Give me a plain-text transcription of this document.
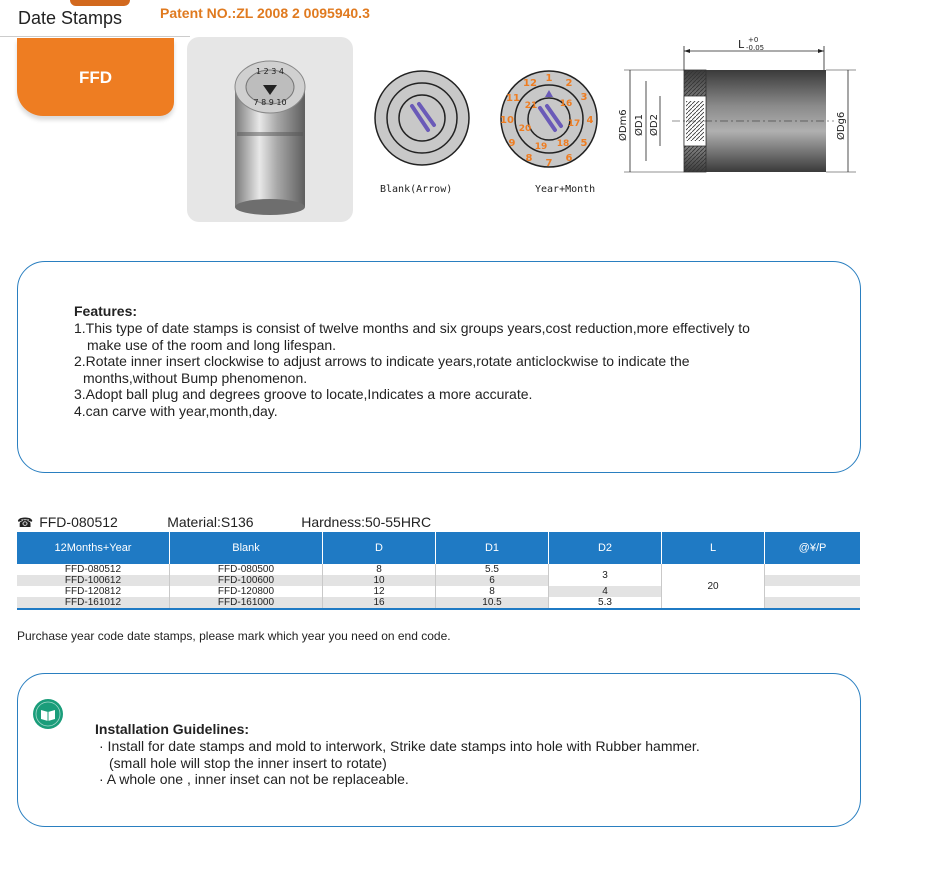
Date Stamps	Patent NO.:ZL 2008 2 0095940.3
FFD	1 2 3 4
7 8 9 10
Blank(Arrow)
1 2
3
4
5
6
7
8
9
10
11
12
16
17
18
19
20
21
Year+Month
L +0
-0.05
ØDm6 ØD1 ØD2	ØDg6
Features:
1.This type of date stamps is consist of twelve months and six groups years,cost reduction,more effectively to
make use of the room and long lifespan.
2.Rotate inner insert clockwise to adjust arrows to indicate years,rotate anticlockwise to indicate the
months,without Bump phenomenon.
3.Adopt ball plug and degrees groove to locate,Indicates a more accurate.
4.can carve with year,month,day.
☎ FFD-080512	Material:S136	Hardness:50-55HRC
12Months+Year	Blank	D	D1	D2	L	@¥/P
FFD-080512	FFD-080500	8	5.5	3	20	
FFD-100612	FFD-100600	10	6			
FFD-120812	FFD-120800	12	8	4		
FFD-161012	FFD-161000	16	10.5	5.3		
Purchase year code date stamps, please mark which year you need on end code.
Installation Guidelines:
· Install for date stamps and mold to interwork, Strike date stamps into hole with Rubber hammer.
(small hole will stop the inner insert to rotate)
· A whole one , inner inset can not be replaceable.
